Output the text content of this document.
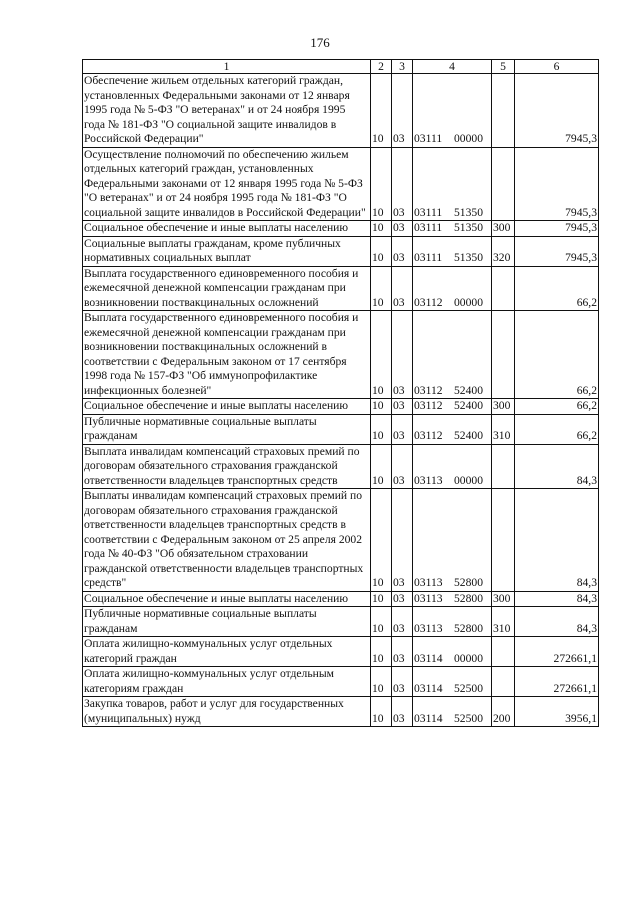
176
1	2	3	4	5	6
Обеспечение жильем отдельных категорий граждан, установленных Федеральными законами от 12 января 1995 года № 5-ФЗ "О ветеранах" и от 24 ноября 1995 года № 181-ФЗ "О социальной защите инвалидов в Российской Федерации"	10	03	03111 00000		7945,3
Осуществление полномочий по обеспечению жильем отдельных категорий граждан, установленных Федеральными законами от 12 января 1995 года № 5-ФЗ "О ветеранах" и от 24 ноября 1995 года № 181-ФЗ "О социальной защите инвалидов в Российской Федерации"	10	03	03111 51350		7945,3
Социальное обеспечение и иные выплаты населению	10	03	03111 51350	300	7945,3
Социальные выплаты гражданам, кроме публичных нормативных социальных выплат	10	03	03111 51350	320	7945,3
Выплата государственного единовременного пособия и ежемесячной денежной компенсации гражданам при возникновении поствакцинальных осложнений	10	03	03112 00000		66,2
Выплата государственного единовременного пособия и ежемесячной денежной компенсации гражданам при возникновении поствакцинальных осложнений в соответствии с Федеральным законом от 17 сентября 1998 года № 157-ФЗ "Об иммунопрофилактике инфекционных болезней"	10	03	03112 52400		66,2
Социальное обеспечение и иные выплаты населению	10	03	03112 52400	300	66,2
Публичные нормативные социальные выплаты гражданам	10	03	03112 52400	310	66,2
Выплата инвалидам компенсаций страховых премий по договорам обязательного страхования гражданской ответственности владельцев транспортных средств	10	03	03113 00000		84,3
Выплаты инвалидам компенсаций страховых премий по договорам обязательного страхования гражданской ответственности владельцев транспортных средств в соответствии с Федеральным законом от 25 апреля 2002 года № 40-ФЗ "Об обязательном страховании гражданской ответственности владельцев транспортных средств"	10	03	03113 52800		84,3
Социальное обеспечение и иные выплаты населению	10	03	03113 52800	300	84,3
Публичные нормативные социальные выплаты гражданам	10	03	03113 52800	310	84,3
Оплата жилищно-коммунальных услуг отдельных категорий граждан	10	03	03114 00000		272661,1
Оплата жилищно-коммунальных услуг отдельным категориям граждан	10	03	03114 52500		272661,1
Закупка товаров, работ и услуг для государственных (муниципальных) нужд	10	03	03114 52500	200	3956,1
